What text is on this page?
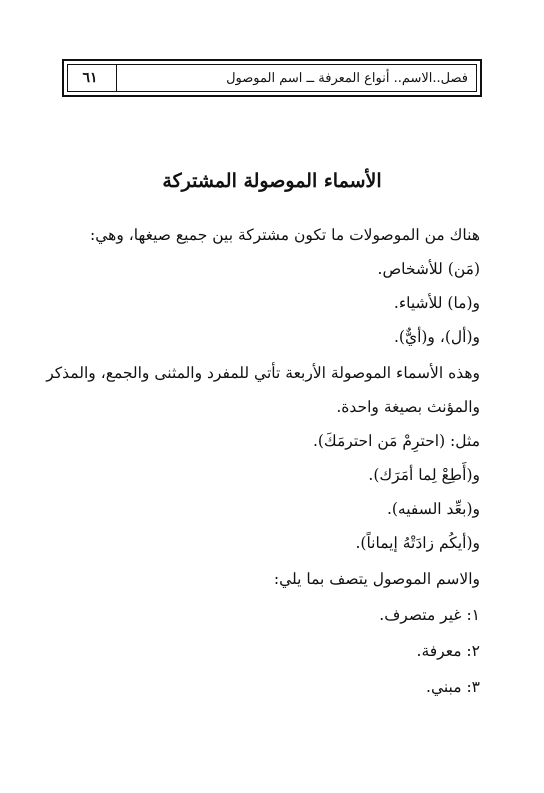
فصل..الاسم.. أنواع المعرفة ــ اسم الموصول
٦١
الأسماء الموصولة المشتركة
هناك من الموصولات ما تكون مشتركة بين جميع صيغها، وهي:
(مَن) للأشخاص.
و(ما) للأشياء.
و(أل)، و(أيٌّ).
وهذه الأسماء الموصولة الأربعة تأتي للمفرد والمثنى والجمع، والمذكر
والمؤنث بصيغة واحدة.
مثل: (احترِمْ مَن احترمَكَ).
و(أَطِعْ لِما أمَرَك).
و(بعِّد السفيه).
و(أيكُم زادَتْهُ إيماناً).
والاسم الموصول يتصف بما يلي:
١: غير متصرف.
٢: معرفة.
٣: مبني.
